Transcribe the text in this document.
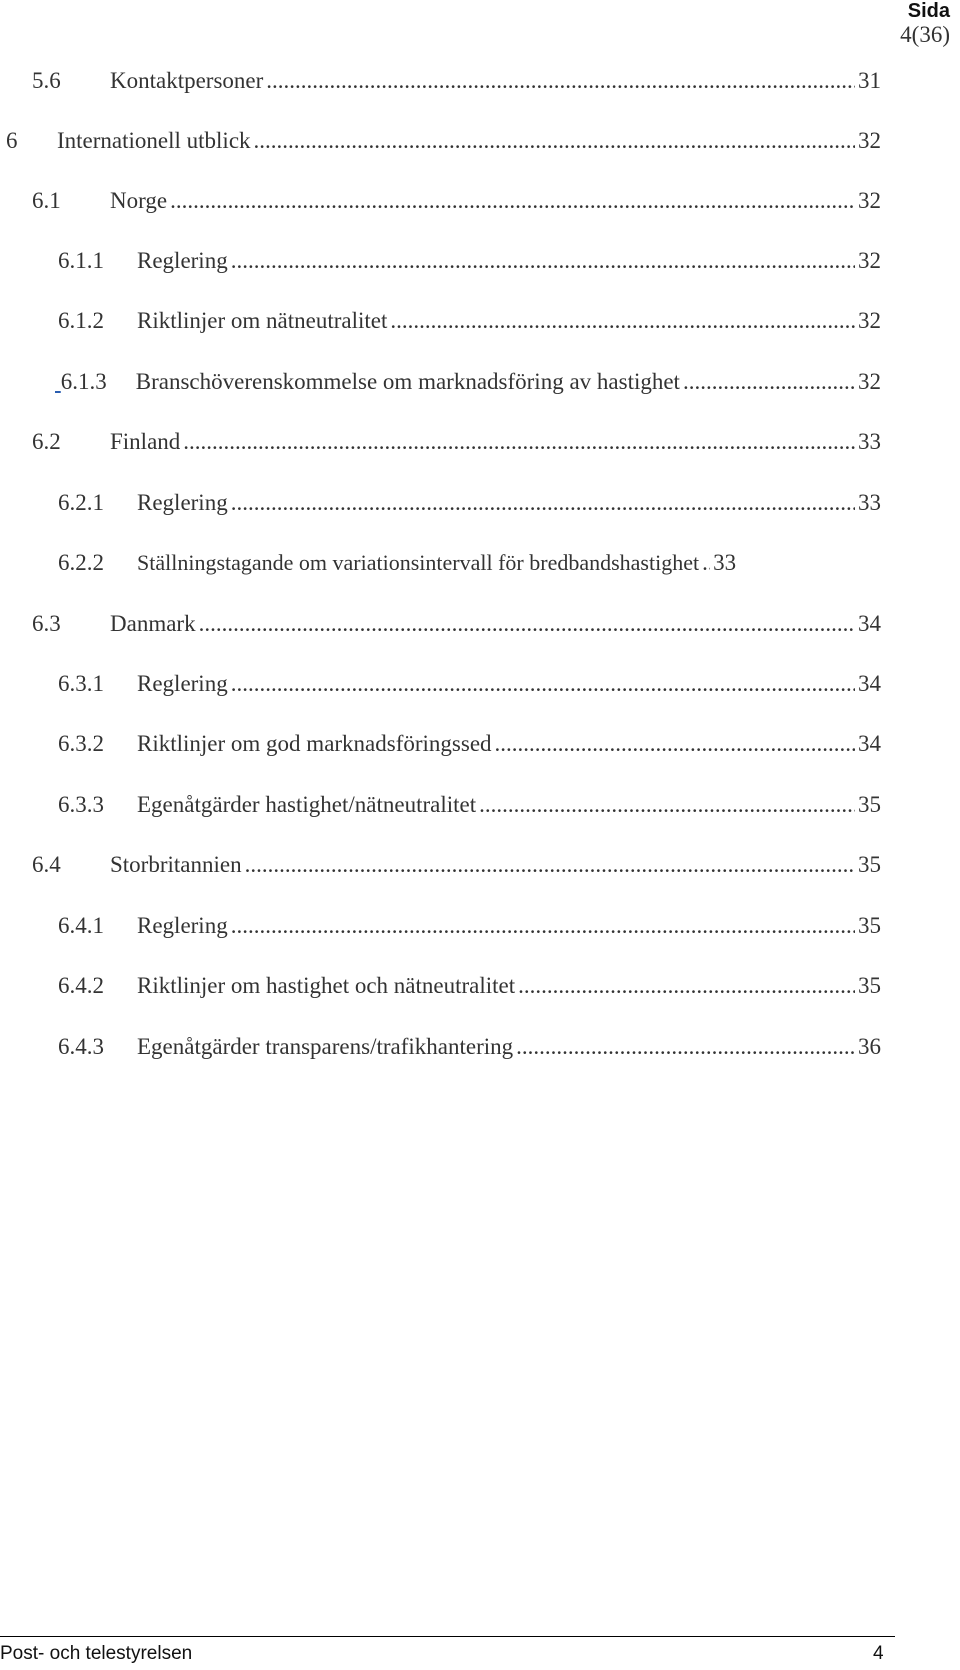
Sida
4(36)
5.6	Kontaktpersoner .....	31
6	Internationell utblick .....	32
6.1	Norge .....	32
6.1.1	Reglering .....	32
6.1.2	Riktlinjer om nätneutralitet .....	32

6.1.3	Branschöverenskommelse om marknadsföring av hastighet .....	32
6.2	Finland .....	33
6.2.1	Reglering .....	33
6.2.2	Ställningstagande om variationsintervall för bredbandshastighet ..... 33
6.3	Danmark .....	34
6.3.1	Reglering .....	34
6.3.2	Riktlinjer om god marknadsföringssed .....	34
6.3.3	Egenåtgärder hastighet/nätneutralitet .....	35
6.4	Storbritannien .....	35
6.4.1	Reglering .....	35
6.4.2	Riktlinjer om hastighet och nätneutralitet .....	35
6.4.3	Egenåtgärder transparens/trafikhantering .....	36
Post- och telestyrelsen	4
